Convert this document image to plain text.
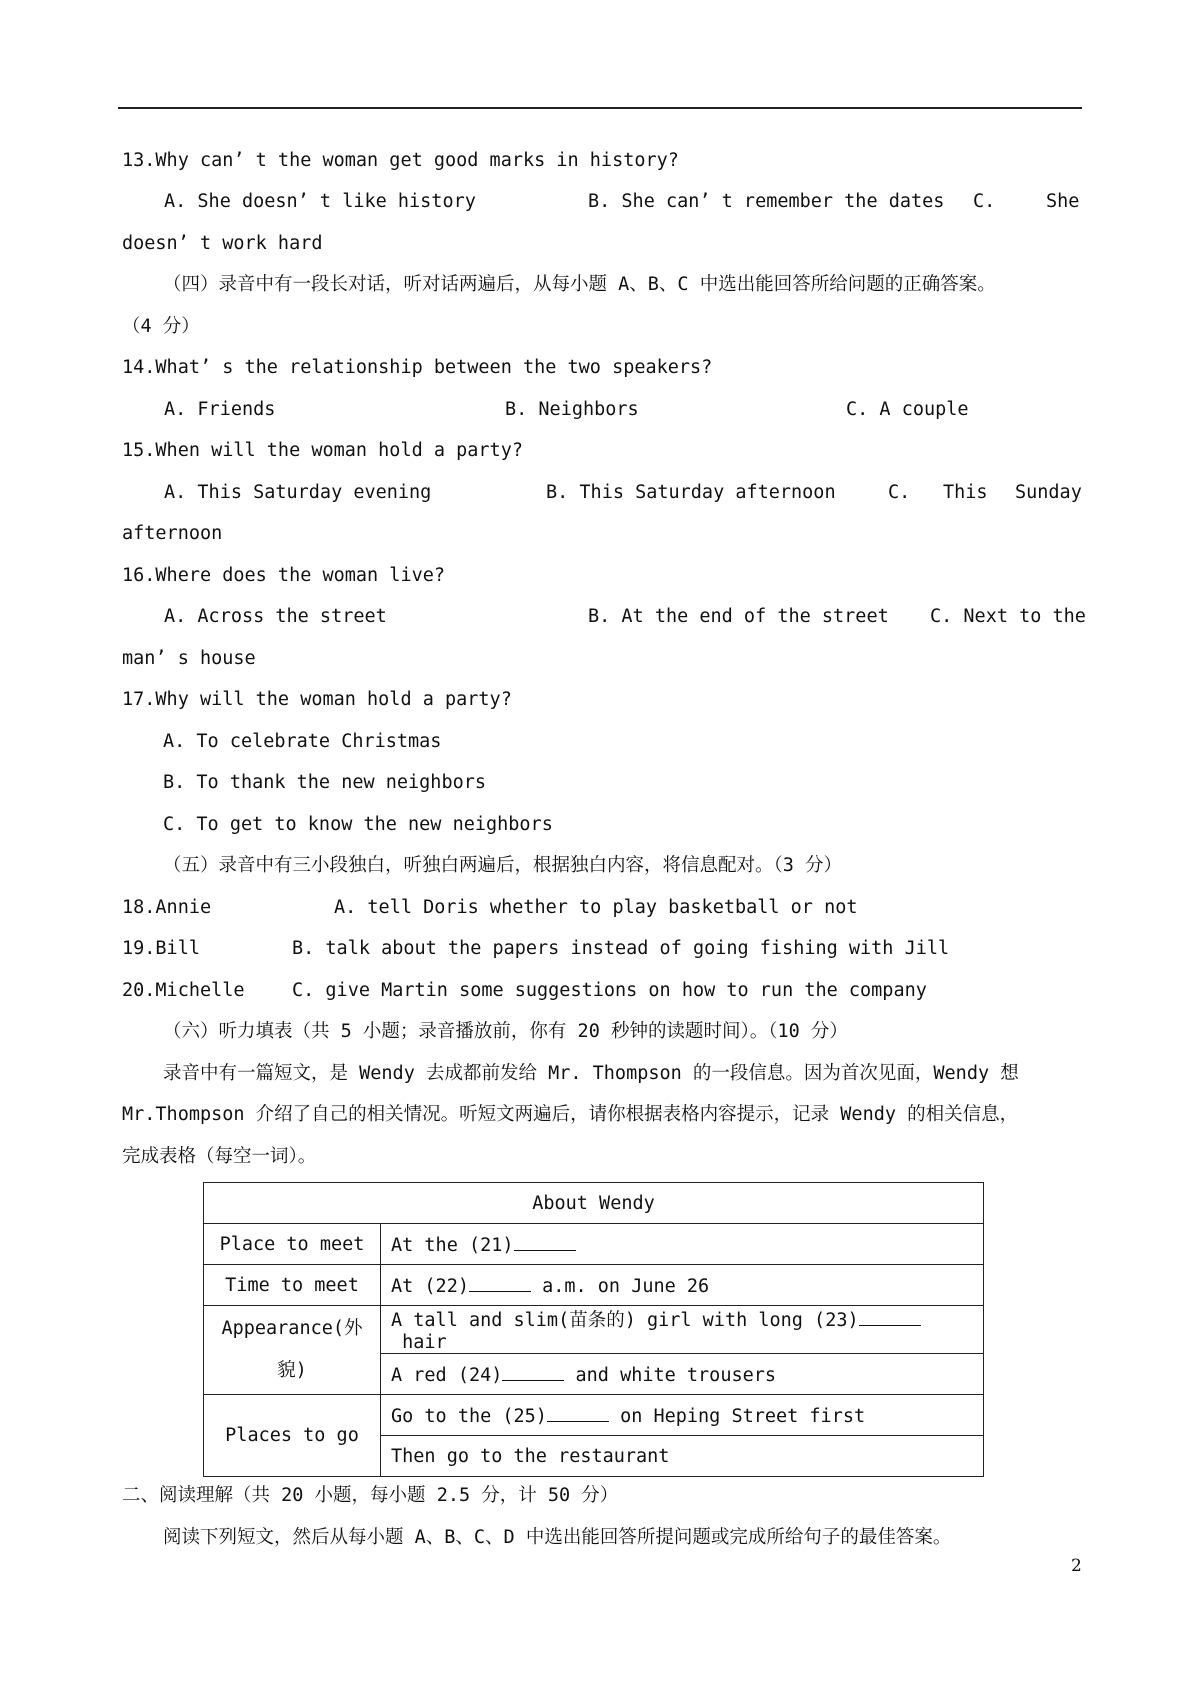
13.Why can’ t the woman get good marks in history?
A. She doesn’ t like history	B. She can’ t remember the dates C.	She
doesn’ t work hard
（四）录音中有一段长对话，听对话两遍后，从每小题 A、B、C 中选出能回答所给问题的正确答案。
（4 分）
14.What’ s the relationship between the two speakers?
A. Friends	B. Neighbors	C. A couple
15.When will the woman hold a party?
A. This Saturday evening	B. This Saturday afternoon	C. This Sunday
afternoon
16.Where does the woman live?
A. Across the street	B. At the end of the street C. Next to the
man’ s house
17.Why will the woman hold a party?
A. To celebrate Christmas
B. To thank the new neighbors
C. To get to know the new neighbors
（五）录音中有三小段独白，听独白两遍后，根据独白内容，将信息配对。（3 分）
18.Annie	A. tell Doris whether to play basketball or not
19.Bill	B. talk about the papers instead of going fishing with Jill
20.Michelle	C. give Martin some suggestions on how to run the company
（六）听力填表（共 5 小题；录音播放前，你有 20 秒钟的读题时间）。（10 分）
录音中有一篇短文，是 Wendy 去成都前发给 Mr. Thompson 的一段信息。因为首次见面，Wendy 想
Mr.Thompson 介绍了自己的相关情况。听短文两遍后，请你根据表格内容提示，记录 Wendy 的相关信息，
完成表格（每空一词）。
About Wendy	
Place to meet	At the (21)
Time to meet	At (22) a.m. on June 26
Appearance(外貌)	A tall and slim(苗条的) girl with long (23) hair
	A red (24) and white trousers
Places to go	Go to the (25) on Heping Street first
	Then go to the restaurant
二、阅读理解（共 20 小题，每小题 2.5 分，计 50 分）
阅读下列短文，然后从每小题 A、B、C、D 中选出能回答所提问题或完成所给句子的最佳答案。
2
